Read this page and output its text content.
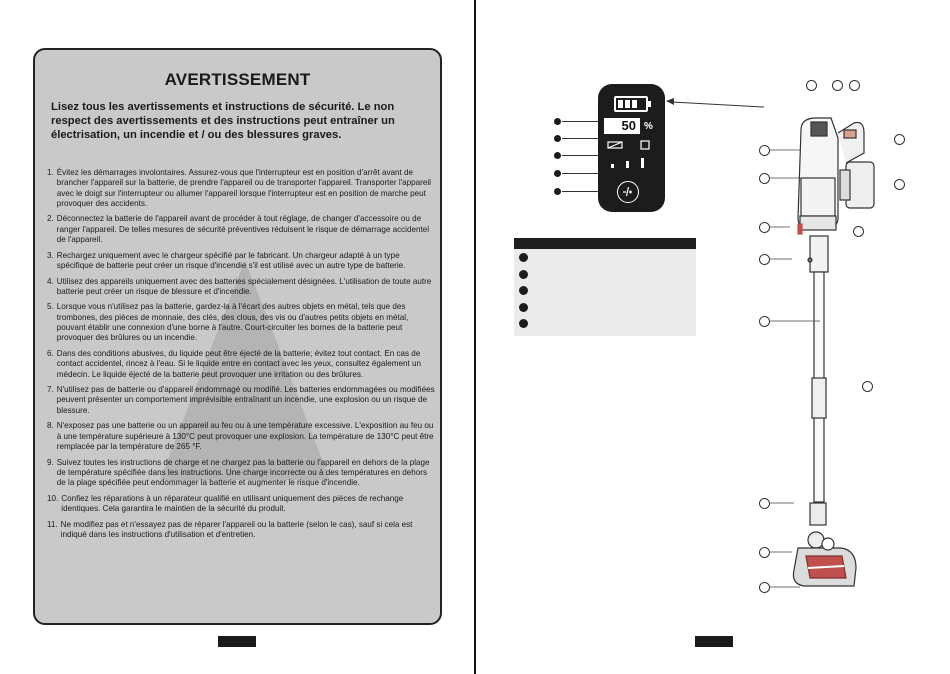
AVERTISSEMENT
Lisez tous les avertissements et instructions de sécurité. Le non respect des avertissements et des instructions peut entraîner un électrisation, un incendie et / ou des blessures graves.
1. Évitez les démarrages involontaires. Assurez-vous que l'interrupteur est en position d'arrêt avant de brancher l'appareil sur la batterie, de prendre l'appareil ou de transporter l'appareil. Transporter l'appareil avec le doigt sur l'interrupteur ou allumer l'appareil lorsque l'interrupteur est en position de marche peut provoquer des accidents.
2. Déconnectez la batterie de l'appareil avant de procéder à tout réglage, de changer d'accessoire ou de ranger l'appareil. De telles mesures de sécurité préventives réduisent le risque de démarrage accidentel de l'appareil.
3. Rechargez uniquement avec le chargeur spécifié par le fabricant. Un chargeur adapté à un type spécifique de batterie peut créer un risque d'incendie s'il est utilisé avec un autre type de batterie.
4. Utilisez des appareils uniquement avec des batteries spécialement désignées. L'utilisation de toute autre batterie peut créer un risque de blessure et d'incendie.
5. Lorsque vous n'utilisez pas la batterie, gardez-la à l'écart des autres objets en métal, tels que des trombones, des pièces de monnaie, des clés, des clous, des vis ou d'autres petits objets en métal, pouvant établir une connexion d'une borne à l'autre. Court-circuiter les bornes de la batterie peut provoquer des brûlures ou un incendie.
6. Dans des conditions abusives, du liquide peut être éjecté de la batterie; évitez tout contact. En cas de contact accidentel, rincez à l'eau. Si le liquide entre en contact avec les yeux, consultez également un médecin. Le liquide éjecté de la batterie peut provoquer une irritation ou des brûlures.
7. N'utilisez pas de batterie ou d'appareil endommagé ou modifié. Les batteries endommagées ou modifiées peuvent présenter un comportement imprévisible entraînant un incendie, une explosion ou un risque de blessure.
8. N'exposez pas une batterie ou un appareil au feu ou à une température excessive. L'exposition au feu ou à une température supérieure à 130°C peut provoquer une explosion. La température de 130°C peut être remplacée par la température de 265 °F.
9. Suivez toutes les instructions de charge et ne chargez pas la batterie ou l'appareil en dehors de la plage de température spécifiée dans les instructions. Une charge incorrecte ou à des températures en dehors de la plage spécifiée peut endommager la batterie et augmenter le risque d'incendie.
10. Confiez les réparations à un réparateur qualifié en utilisant uniquement des pièces de rechange identiques. Cela garantira le maintien de la sécurité du produit.
11. Ne modifiez pas et n'essayez pas de réparer l'appareil ou la batterie (selon le cas), sauf si cela est indiqué dans les instructions d'utilisation et d'entretien.
50 %
